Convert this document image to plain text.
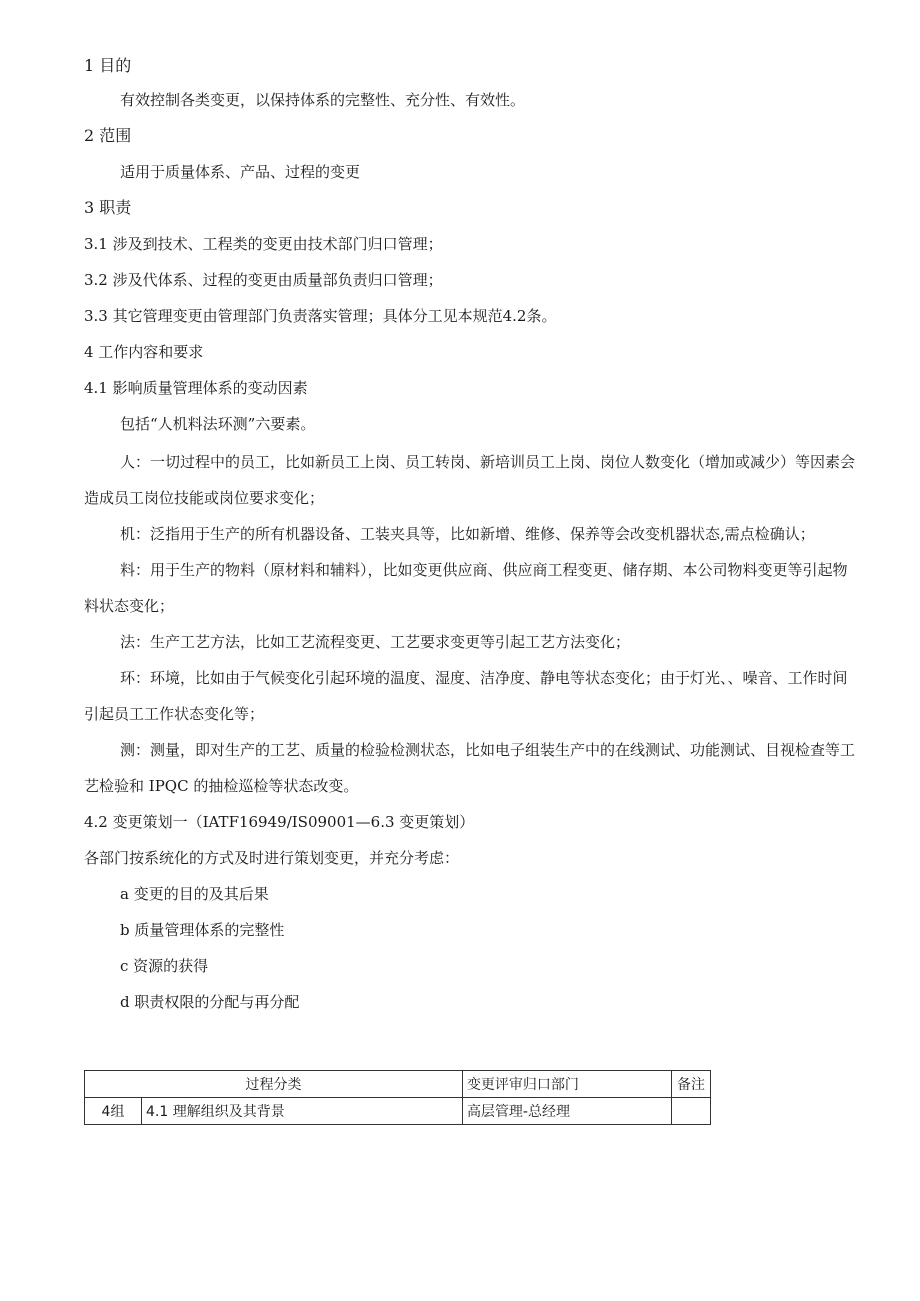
1 目的
有效控制各类变更，以保持体系的完整性、充分性、有效性。
2 范围
适用于质量体系、产品、过程的变更
3 职责
3.1 涉及到技术、工程类的变更由技术部门归口管理；
3.2 涉及代体系、过程的变更由质量部负责归口管理；
3.3 其它管理变更由管理部门负责落实管理；具体分工见本规范4.2条。
4 工作内容和要求
4.1 影响质量管理体系的变动因素
包括“人机料法环测”六要素。
人：一切过程中的员工，比如新员工上岗、员工转岗、新培训员工上岗、岗位人数变化（增加或减少）等因素会
造成员工岗位技能或岗位要求变化；
机：泛指用于生产的所有机器设备、工装夹具等，比如新增、维修、保养等会改变机器状态,需点检确认；
料：用于生产的物料（原材料和辅料），比如变更供应商、供应商工程变更、储存期、本公司物料变更等引起物
料状态变化；
法：生产工艺方法，比如工艺流程变更、工艺要求变更等引起工艺方法变化；
环：环境，比如由于气候变化引起环境的温度、湿度、洁净度、静电等状态变化；由于灯光、、噪音、工作时间
引起员工工作状态变化等；
测：测量，即对生产的工艺、质量的检验检测状态，比如电子组装生产中的在线测试、功能测试、目视检查等工
艺检验和 IPQC 的抽检巡检等状态改变。
4.2 变更策划一（IATF16949/IS09001—6.3 变更策划）
各部门按系统化的方式及时进行策划变更，并充分考虑：
a 变更的目的及其后果
b 质量管理体系的完整性
c 资源的获得
d 职责权限的分配与再分配
过程分类		变更评审归口部门	备注
4组	4.1 理解组织及其背景	高层管理-总经理	
